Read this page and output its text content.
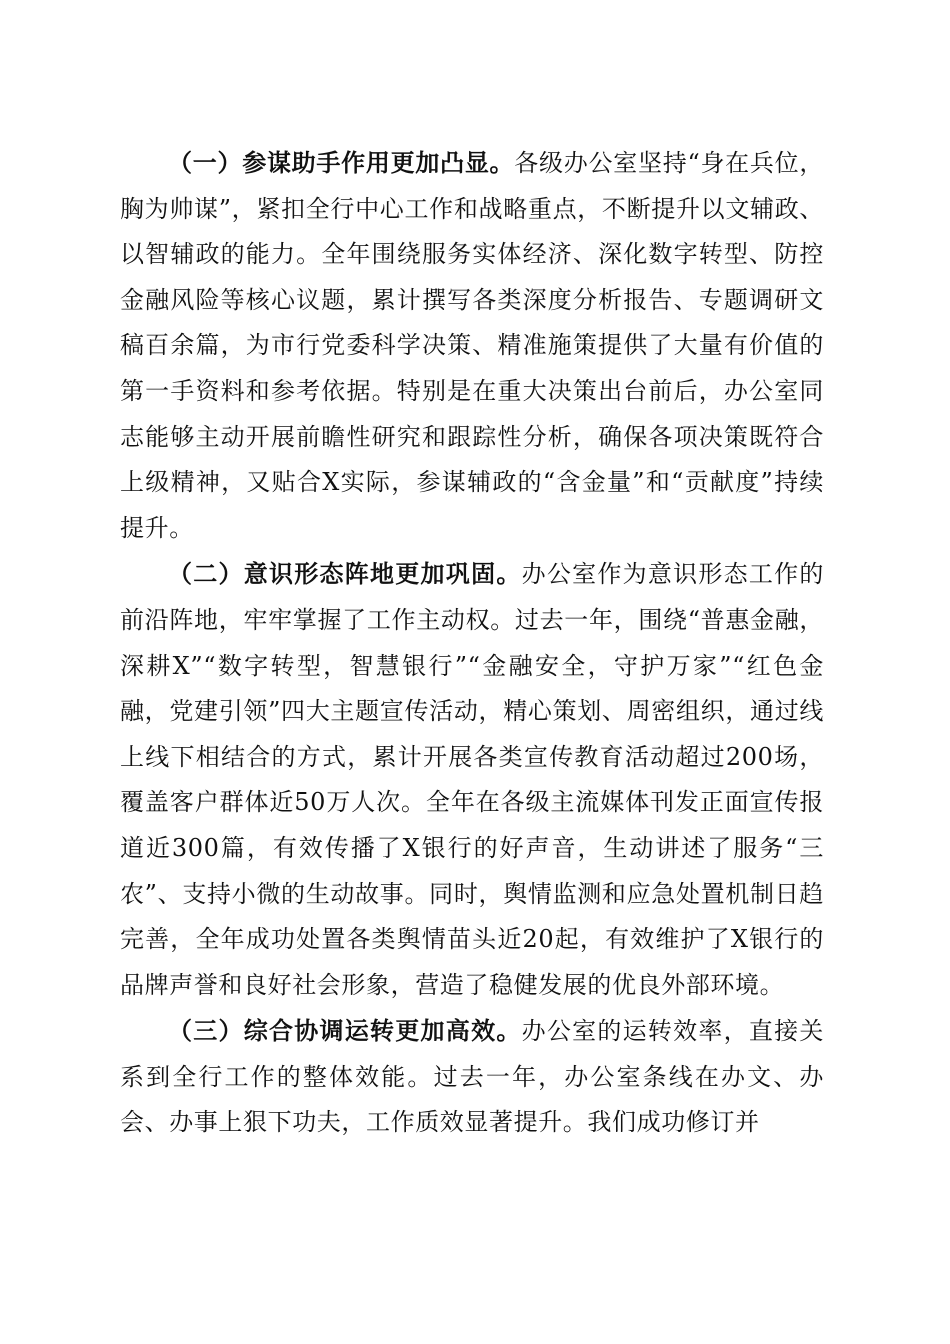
（一）参谋助手作用更加凸显。各级办公室坚持“身在兵位，胸为帅谋”，紧扣全行中心工作和战略重点，不断提升以文辅政、以智辅政的能力。全年围绕服务实体经济、深化数字转型、防控金融风险等核心议题，累计撰写各类深度分析报告、专题调研文稿百余篇，为市行党委科学决策、精准施策提供了大量有价值的第一手资料和参考依据。特别是在重大决策出台前后，办公室同志能够主动开展前瞻性研究和跟踪性分析，确保各项决策既符合上级精神，又贴合X实际，参谋辅政的“含金量”和“贡献度”持续提升。

（二）意识形态阵地更加巩固。办公室作为意识形态工作的前沿阵地，牢牢掌握了工作主动权。过去一年，围绕“普惠金融，深耕X”“数字转型，智慧银行”“金融安全，守护万家”“红色金融，党建引领”四大主题宣传活动，精心策划、周密组织，通过线上线下相结合的方式，累计开展各类宣传教育活动超过200场，覆盖客户群体近50万人次。全年在各级主流媒体刊发正面宣传报道近300篇，有效传播了X银行的好声音，生动讲述了服务“三农”、支持小微的生动故事。同时，舆情监测和应急处置机制日趋完善，全年成功处置各类舆情苗头近20起，有效维护了X银行的品牌声誉和良好社会形象，营造了稳健发展的优良外部环境。

（三）综合协调运转更加高效。办公室的运转效率，直接关系到全行工作的整体效能。过去一年，办公室条线在办文、办会、办事上狠下功夫，工作质效显著提升。我们成功修订并
